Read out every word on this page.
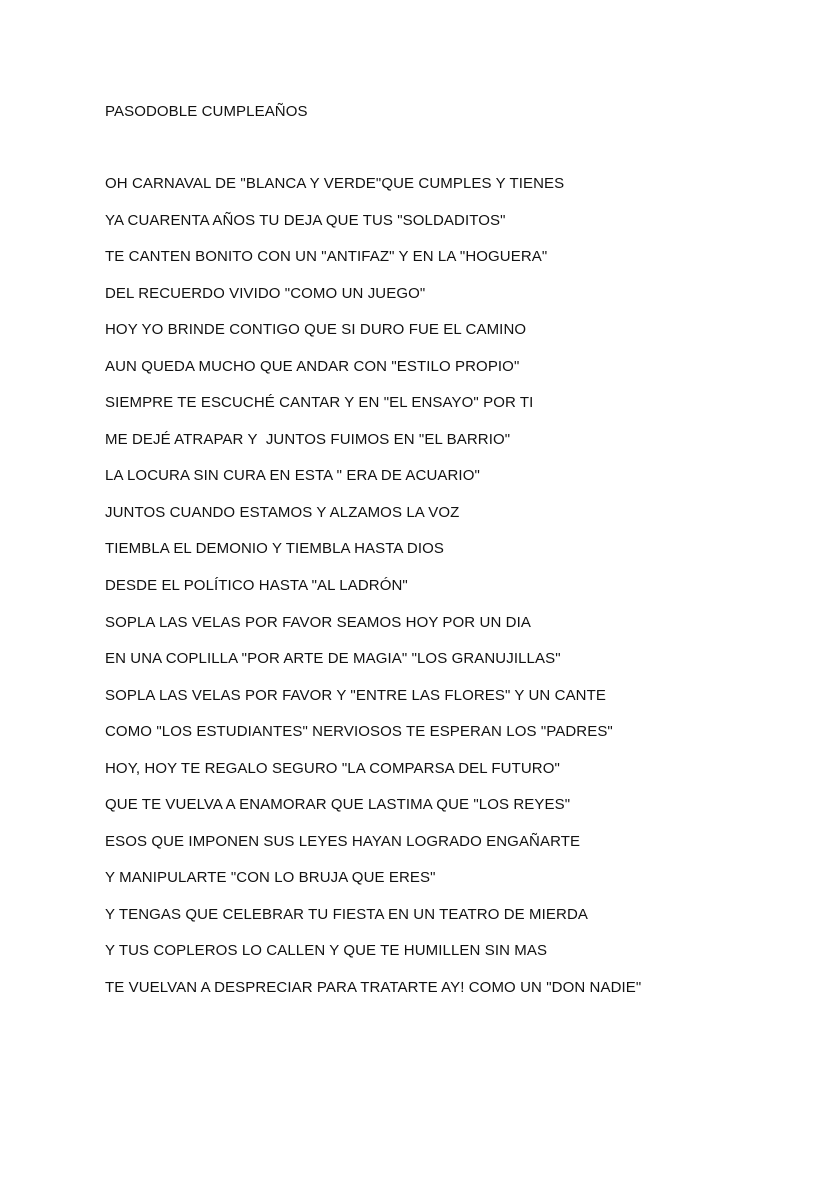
PASODOBLE CUMPLEAÑOS
OH CARNAVAL DE "BLANCA Y VERDE"QUE CUMPLES Y TIENES
YA CUARENTA AÑOS TU DEJA QUE TUS "SOLDADITOS"
TE CANTEN BONITO CON UN "ANTIFAZ" Y EN LA "HOGUERA"
DEL RECUERDO VIVIDO "COMO UN JUEGO"
HOY YO BRINDE CONTIGO QUE SI DURO FUE EL CAMINO
AUN QUEDA MUCHO QUE ANDAR CON "ESTILO PROPIO"
SIEMPRE TE ESCUCHÉ CANTAR Y EN "EL ENSAYO" POR TI
ME DEJÉ ATRAPAR Y  JUNTOS FUIMOS EN "EL BARRIO"
LA LOCURA SIN CURA EN ESTA " ERA DE ACUARIO"
JUNTOS CUANDO ESTAMOS Y ALZAMOS LA VOZ
TIEMBLA EL DEMONIO Y TIEMBLA HASTA DIOS
DESDE EL POLÍTICO HASTA "AL LADRÓN"
SOPLA LAS VELAS POR FAVOR SEAMOS HOY POR UN DIA
EN UNA COPLILLA "POR ARTE DE MAGIA" "LOS GRANUJILLAS"
SOPLA LAS VELAS POR FAVOR Y "ENTRE LAS FLORES" Y UN CANTE
COMO "LOS ESTUDIANTES" NERVIOSOS TE ESPERAN LOS "PADRES"
HOY, HOY TE REGALO SEGURO "LA COMPARSA DEL FUTURO"
QUE TE VUELVA A ENAMORAR QUE LASTIMA QUE "LOS REYES"
ESOS QUE IMPONEN SUS LEYES HAYAN LOGRADO ENGAÑARTE
Y MANIPULARTE "CON LO BRUJA QUE ERES"
Y TENGAS QUE CELEBRAR TU FIESTA EN UN TEATRO DE MIERDA
Y TUS COPLEROS LO CALLEN Y QUE TE HUMILLEN SIN MAS
TE VUELVAN A DESPRECIAR PARA TRATARTE AY! COMO UN "DON NADIE"
